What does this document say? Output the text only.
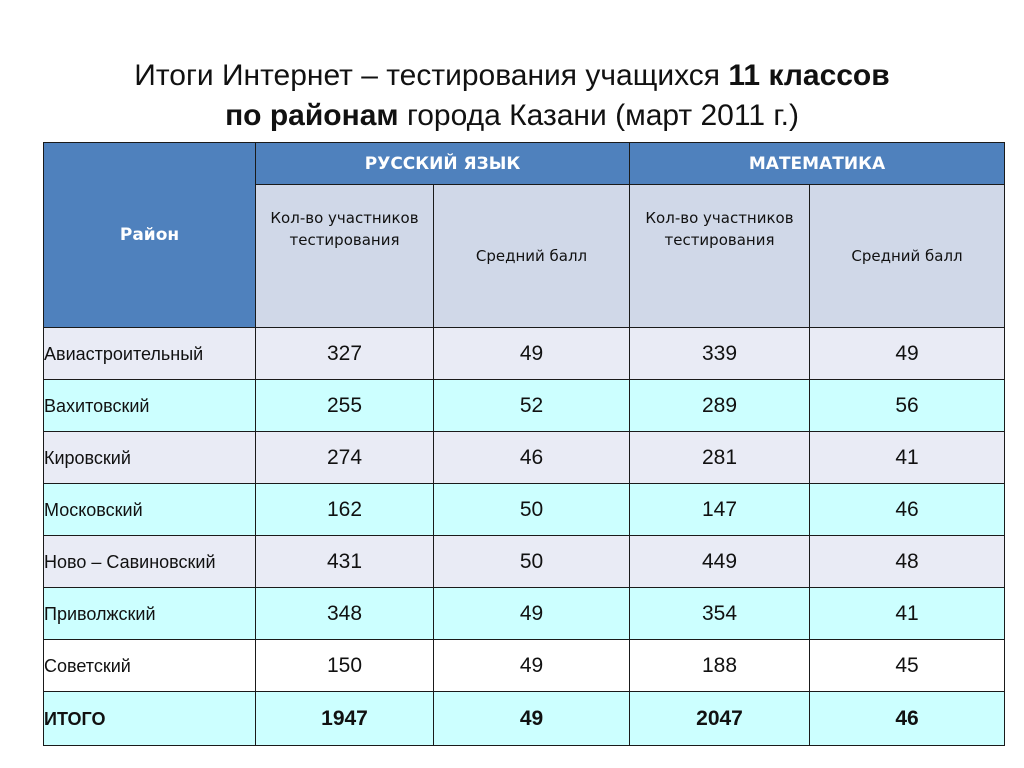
Итоги Интернет – тестирования учащихся 11 классов
по районам города Казани (март 2011 г.)
Район	РУССКИЙ ЯЗЫК		МАТЕМАТИКА	
	Кол-во участников тестирования	Средний балл	Кол-во участников тестирования	Средний балл
Авиастроительный	327	49	339	49
Вахитовский	255	52	289	56
Кировский	274	46	281	41
Московский	162	50	147	46
Ново – Савиновский	431	50	449	48
Приволжский	348	49	354	41
Советский	150	49	188	45
ИТОГО	1947	49	2047	46
